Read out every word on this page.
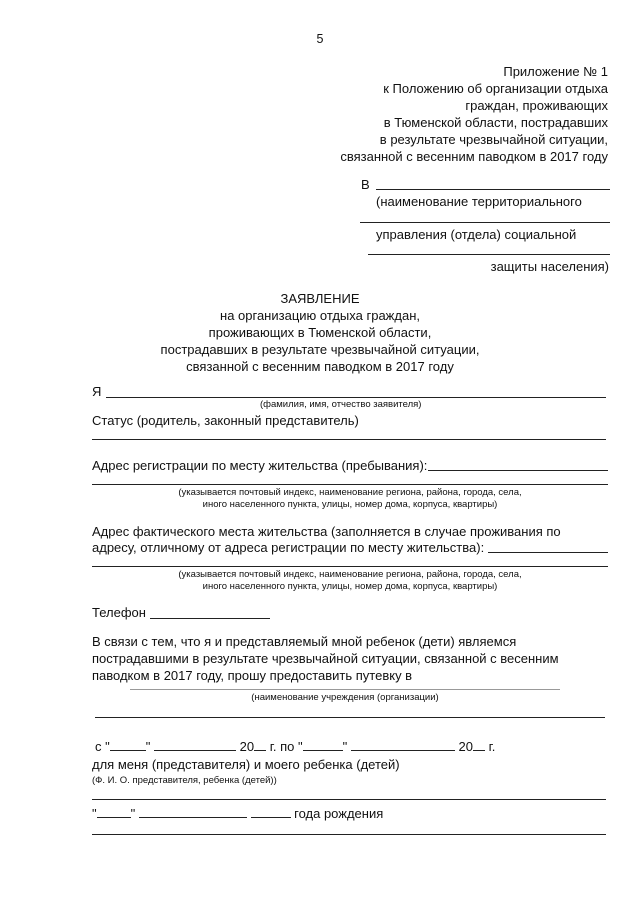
5
Приложение № 1
к Положению об организации отдыха
граждан, проживающих
в Тюменской области, пострадавших
в результате чрезвычайной ситуации,
связанной с весенним паводком в 2017 году
В
(наименование территориального
управления (отдела) социальной
защиты населения)
ЗАЯВЛЕНИЕ
на организацию отдыха граждан,
проживающих в Тюменской области,
пострадавших в результате чрезвычайной ситуации,
связанной с весенним паводком в 2017 году
Я
(фамилия, имя, отчество заявителя)
Статус (родитель, законный представитель)
Адрес регистрации по месту жительства (пребывания):
(указывается почтовый индекс, наименование региона, района, города, села,
иного населенного пункта, улицы, номер дома, корпуса, квартиры)
Адрес фактического места жительства (заполняется в случае проживания по
адресу, отличному от адреса регистрации по месту жительства):
(указывается почтовый индекс, наименование региона, района, города, села,
иного населенного пункта, улицы, номер дома, корпуса, квартиры)
Телефон
В связи с тем, что я и представляемый мной ребенок (дети) являемся
пострадавшими в результате чрезвычайной ситуации, связанной с весенним
паводком в 2017 году, прошу предоставить путевку в
(наименование учреждения (организации)
с "	"	20 г. по "	"	20 г.
для меня (представителя) и моего ребенка (детей)
(Ф. И. О. представителя, ребенка (детей))
"	"	года рождения
